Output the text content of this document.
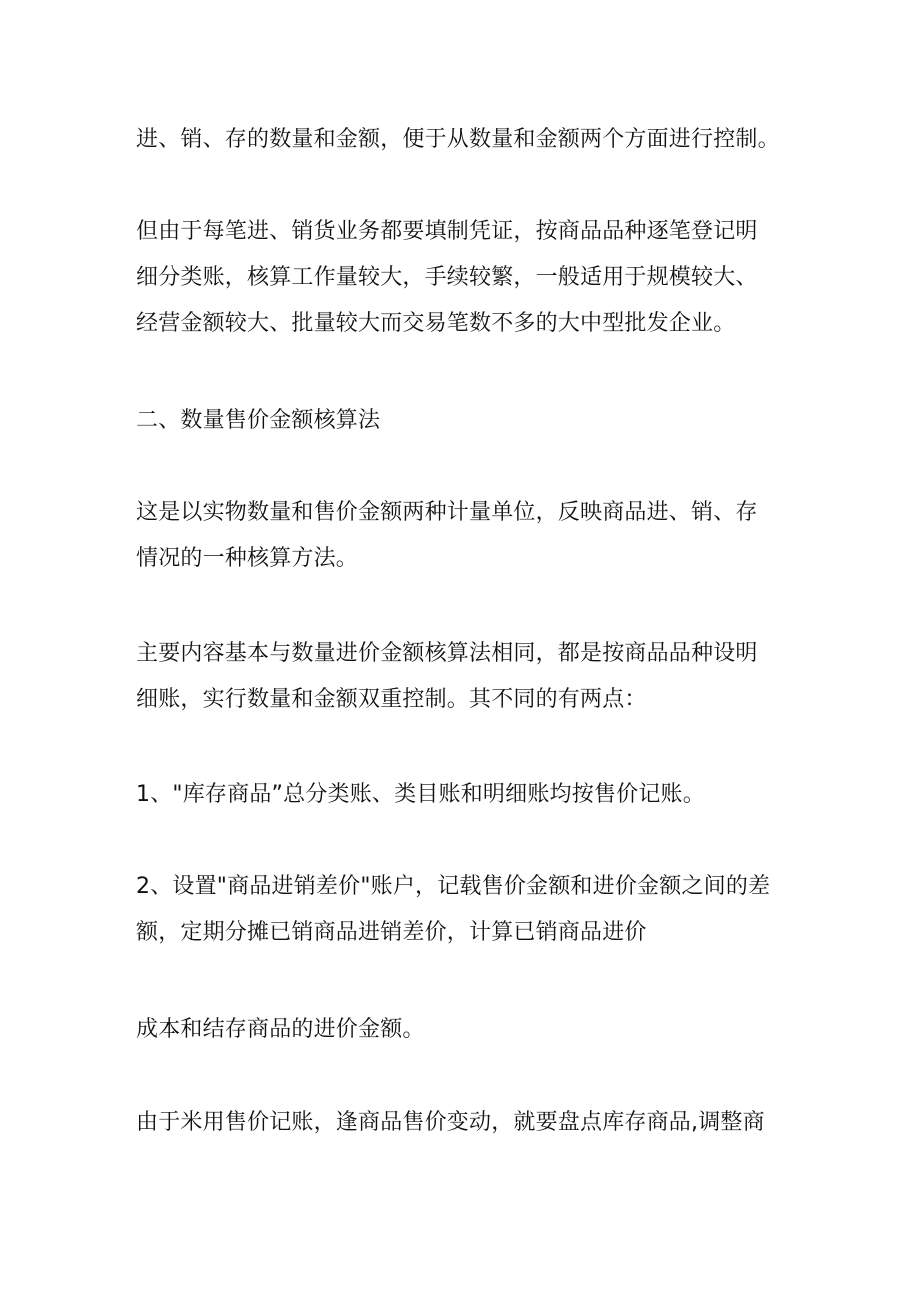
进、销、存的数量和金额，便于从数量和金额两个方面进行控制。

但由于每笔进、销货业务都要填制凭证，按商品品种逐笔登记明
细分类账，核算工作量较大，手续较繁，一般适用于规模较大、
经营金额较大、批量较大而交易笔数不多的大中型批发企业。

二、数量售价金额核算法

这是以实物数量和售价金额两种计量单位，反映商品进、销、存
情况的一种核算方法。

主要内容基本与数量进价金额核算法相同，都是按商品品种设明
细账，实行数量和金额双重控制。其不同的有两点：

1、"库存商品”总分类账、类目账和明细账均按售价记账。

2、设置"商品进销差价"账户，记载售价金额和进价金额之间的差
额，定期分摊已销商品进销差价，计算已销商品进价

成本和结存商品的进价金额。

由于米用售价记账，逢商品售价变动，就要盘点库存商品,调整商
